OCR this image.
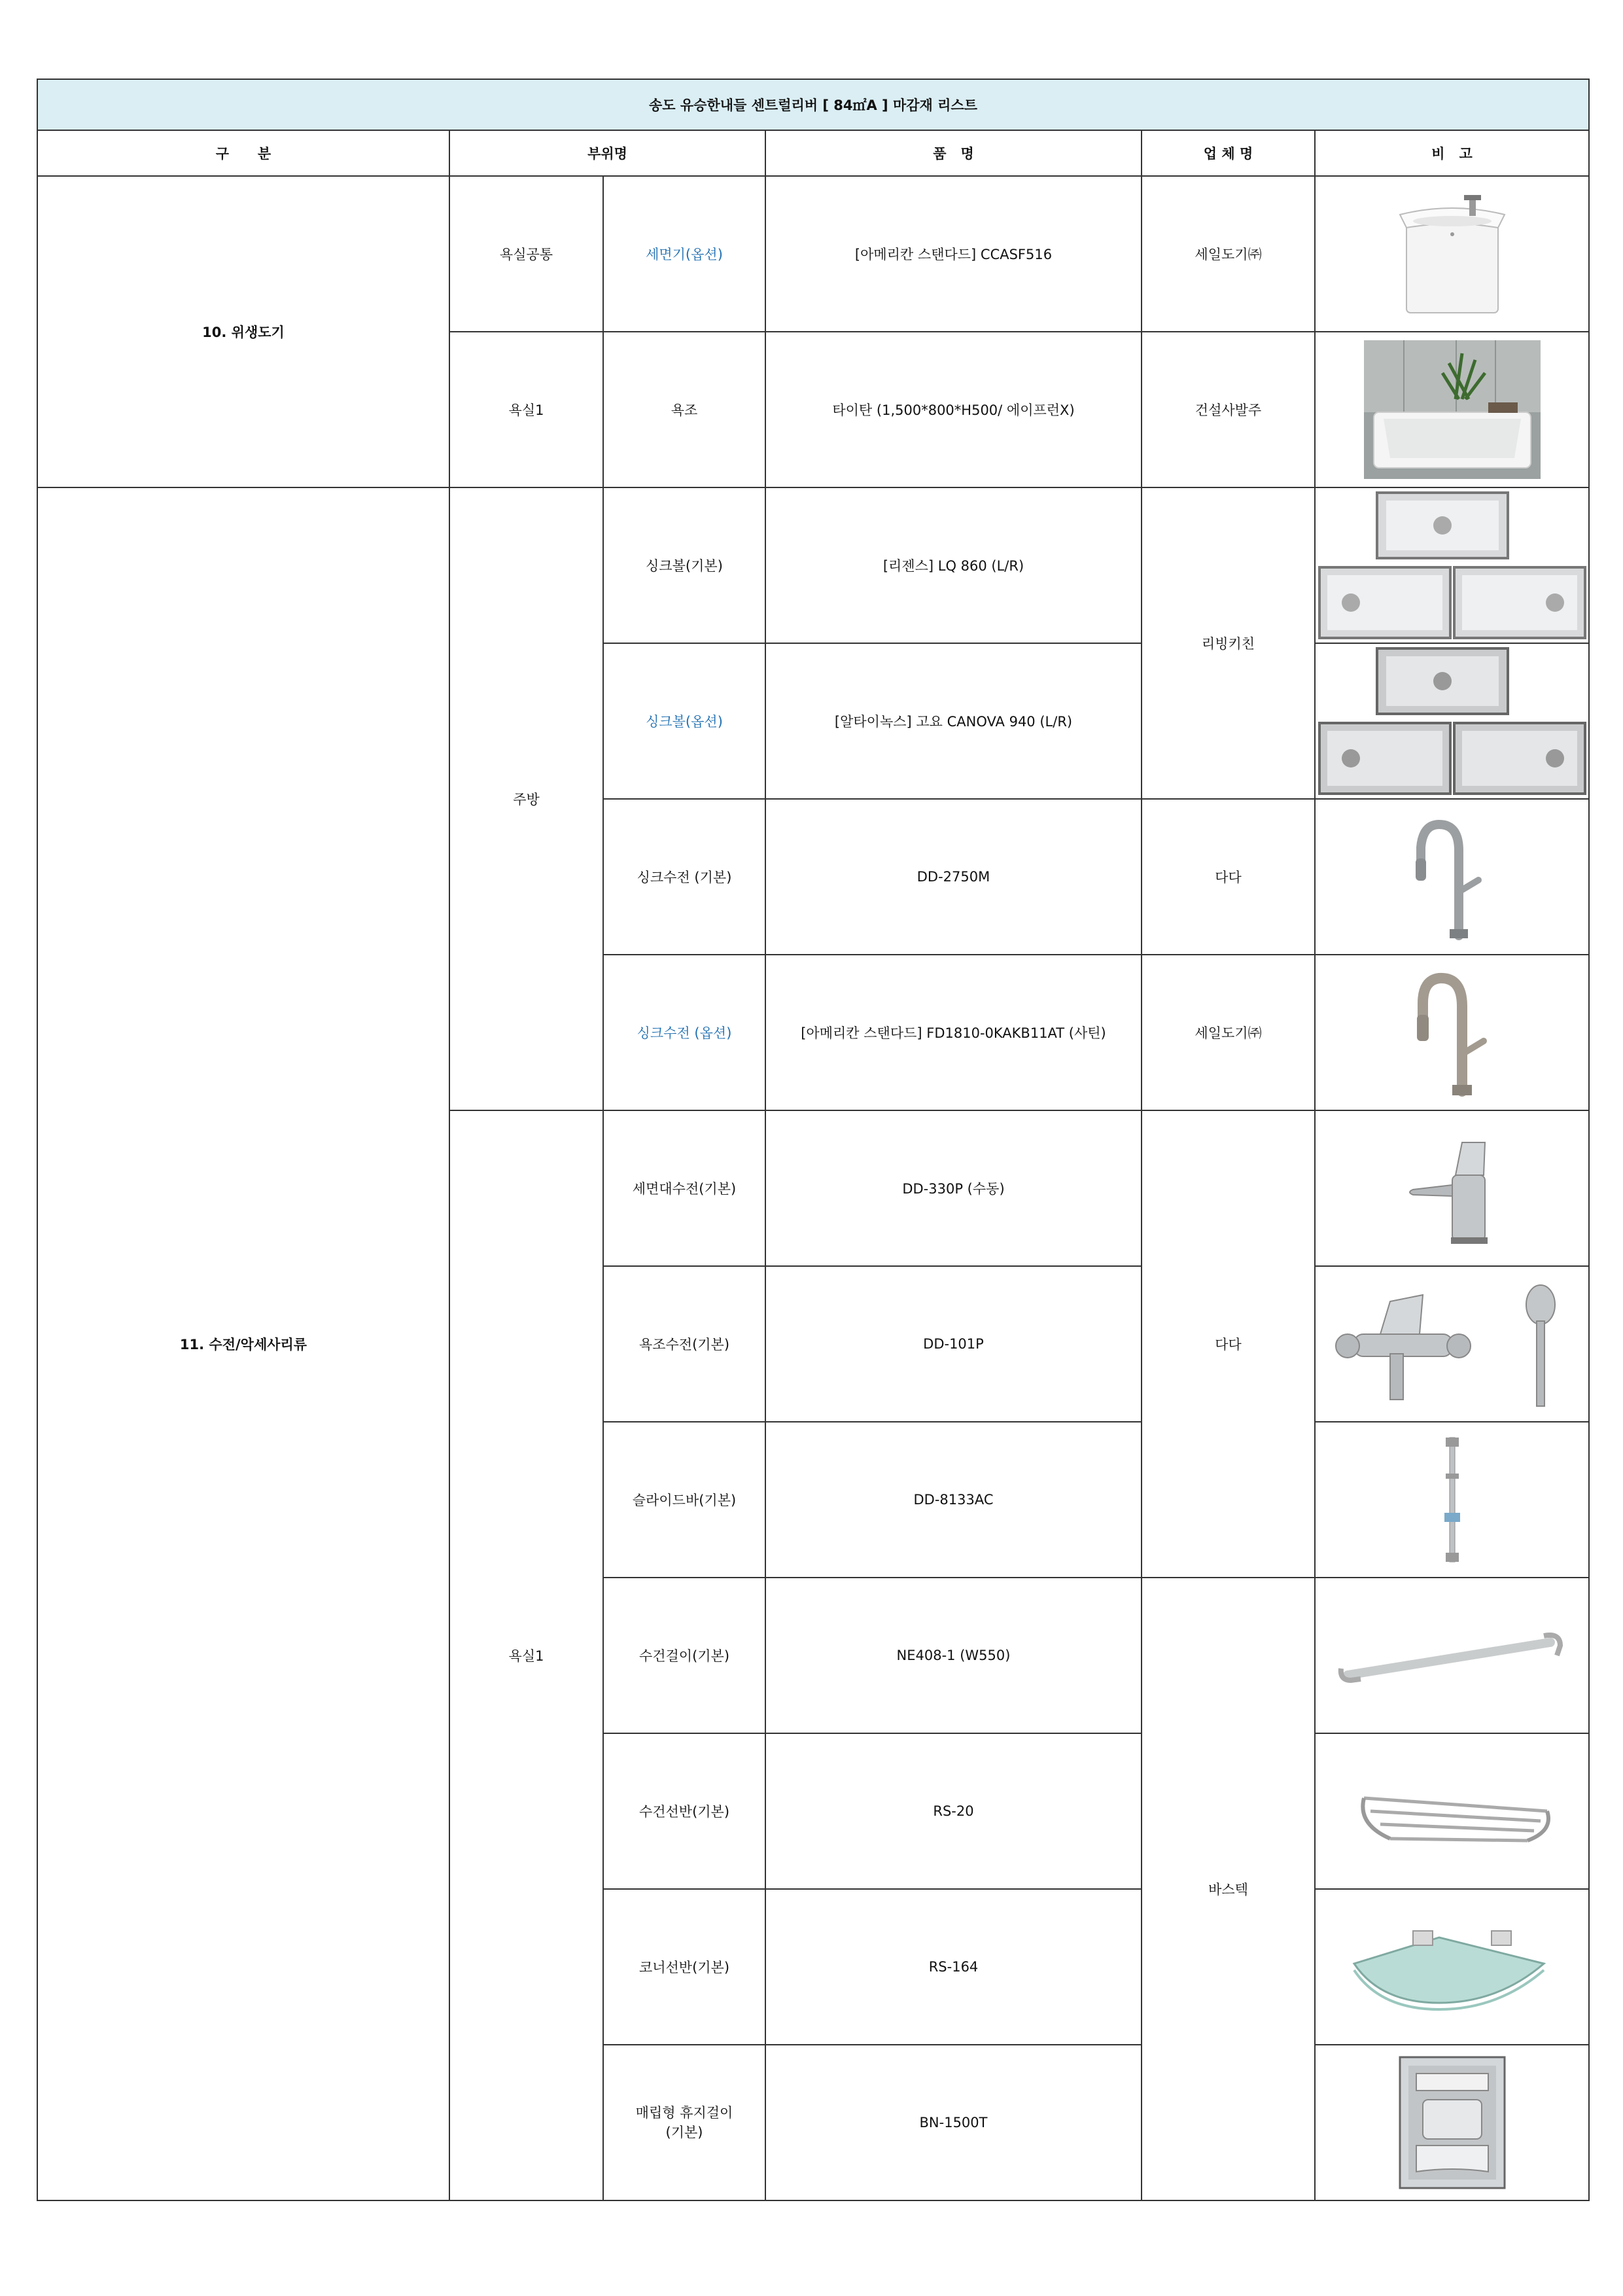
송도 유승한내들 센트럴리버 [ 84㎡A ] 마감재 리스트					
구      분	부위명		품   명	업 체 명	비   고
10. 위생도기	욕실공통	세면기(옵션)	[아메리칸 스탠다드] CCASF516	세일도기㈜	

	욕실1	욕조	타이탄 (1,500*800*H500/ 에이프런X)	건설사발주	

11. 수전/악세사리류	주방	싱크볼(기본)	[리젠스] LQ 860 (L/R)	리빙키친	

		싱크볼(옵션)	[알타이녹스] 고요 CANOVA 940 (L/R)	

		싱크수전 (기본)	DD-2750M	다다	

		싱크수전 (옵션)	[아메리칸 스탠다드] FD1810-0KAKB11AT (사틴)	세일도기㈜	

	욕실1	세면대수전(기본)	DD-330P (수동)	다다	

		욕조수전(기본)	DD-101P	

		슬라이드바(기본)	DD-8133AC	

		수건걸이(기본)	NE408-1 (W550)	바스텍	

		수건선반(기본)	RS-20	

		코너선반(기본)	RS-164	

		매립형 휴지걸이
(기본)	BN-1500T	
